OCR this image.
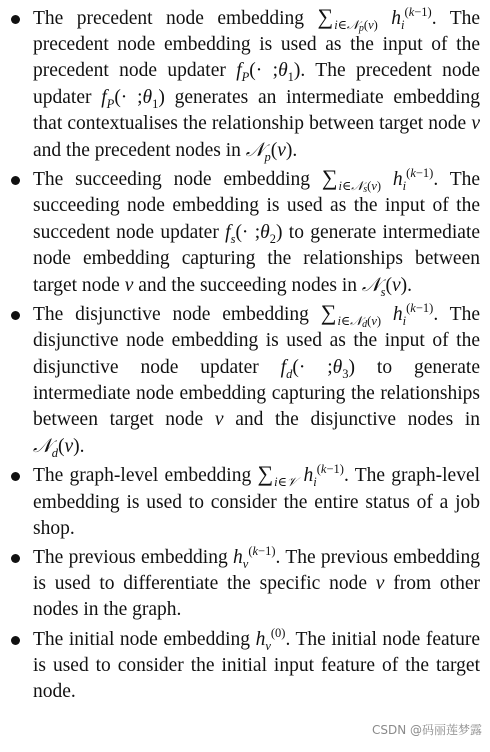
The precedent node embedding $\sum_{i\in 𝒩_p(v)}$ $h_i^{(k-1)}$. The precedent node embedding is used as the input of the precedent node updater $f_P(\cdot$ $;\theta_1$). The precedent node updater $f_P(\cdot$ $;\theta_1$) generates an intermediate embedding that contextualises the relationship between target node v and the precedent nodes in 𝒩$_p$(v).
The succeeding node embedding $\sum_{i\in 𝒩_s(v)}$ $h_i^{(k-1)}$. The succeeding node embedding is used as the input of the succedent node updater $f_s(\cdot$ $;\theta_2$) to generate intermediate node embedding capturing the relationships between target node v and the succeeding nodes in 𝒩$_s$(v).
The disjunctive node embedding $\sum_{i\in 𝒩_d(v)}$ $h_i^{(k-1)}$. The disjunctive node embedding is used as the input of the disjunctive node updater $f_d(\cdot$ $;\theta_3$) to generate intermediate node embedding capturing the relationships between target node v and the disjunctive nodes in 𝒩$_d$(v).
The graph-level embedding $\sum_{i\in 𝒱}$ $h_i^{(k-1)}$. The graph-level embedding is used to consider the entire status of a job shop.
The previous embedding $h_v^{(k-1)}$. The previous embedding is used to differentiate the specific node v from other nodes in the graph.
The initial node embedding $h_v^{(0)}$. The initial node feature is used to consider the initial input feature of the target node.
CSDN @码丽莲梦露
